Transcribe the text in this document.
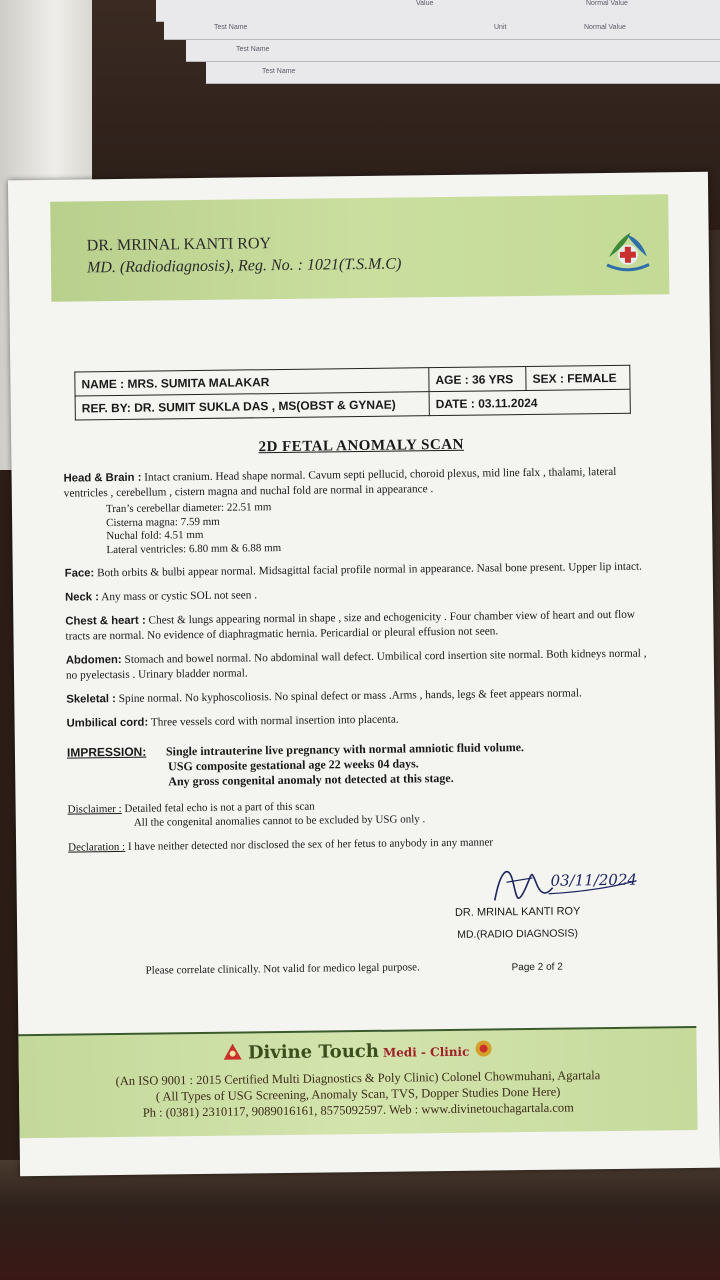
Value	Normal Value
Test Name	Unit	Normal Value
Test Name
Test Name
DR. MRINAL KANTI ROY
MD. (Radiodiagnosis), Reg. No. : 1021(T.S.M.C)
NAME : MRS. SUMITA MALAKAR	AGE : 36 YRS	SEX : FEMALE
REF. BY: DR. SUMIT SUKLA DAS , MS(OBST & GYNAE)	DATE : 03.11.2024	
2D FETAL ANOMALY SCAN
Head & Brain : Intact cranium. Head shape normal. Cavum septi pellucid, choroid plexus, mid line falx , thalami, lateral ventricles , cerebellum , cistern magna and nuchal fold are normal in appearance .
Tran’s cerebellar diameter: 22.51 mm
Cisterna magna: 7.59 mm
Nuchal fold: 4.51 mm
Lateral ventricles: 6.80 mm & 6.88 mm
Face: Both orbits & bulbi appear normal. Midsagittal facial profile normal in appearance. Nasal bone present. Upper lip intact.
Neck : Any mass or cystic SOL not seen .
Chest & heart : Chest & lungs appearing normal in shape , size and echogenicity . Four chamber view of heart and out flow tracts are normal. No evidence of diaphragmatic hernia. Pericardial or pleural effusion not seen.
Abdomen: Stomach and bowel normal. No abdominal wall defect. Umbilical cord insertion site normal. Both kidneys normal , no pyelectasis . Urinary bladder normal.
Skeletal : Spine normal. No kyphoscoliosis. No spinal defect or mass .Arms , hands, legs & feet appears normal.
Umbilical cord: Three vessels cord with normal insertion into placenta.
IMPRESSION: Single intrauterine live pregnancy with normal amniotic fluid volume.
USG composite gestational age 22 weeks 04 days.
Any gross congenital anomaly not detected at this stage.
Disclaimer : Detailed fetal echo is not a part of this scan
All the congenital anomalies cannot to be excluded by USG only .
Declaration : I have neither detected nor disclosed the sex of her fetus to anybody in any manner
03/11/2024
DR. MRINAL KANTI ROY
MD.(RADIO DIAGNOSIS)
Please correlate clinically. Not valid for medico legal purpose.	Page 2 of 2
Divine Touch Medi - Clinic
(An ISO 9001 : 2015 Certified Multi Diagnostics & Poly Clinic) Colonel Chowmuhani, Agartala
( All Types of USG Screening, Anomaly Scan, TVS, Dopper Studies Done Here)
Ph : (0381) 2310117, 9089016161, 8575092597. Web : www.divinetouchagartala.com
